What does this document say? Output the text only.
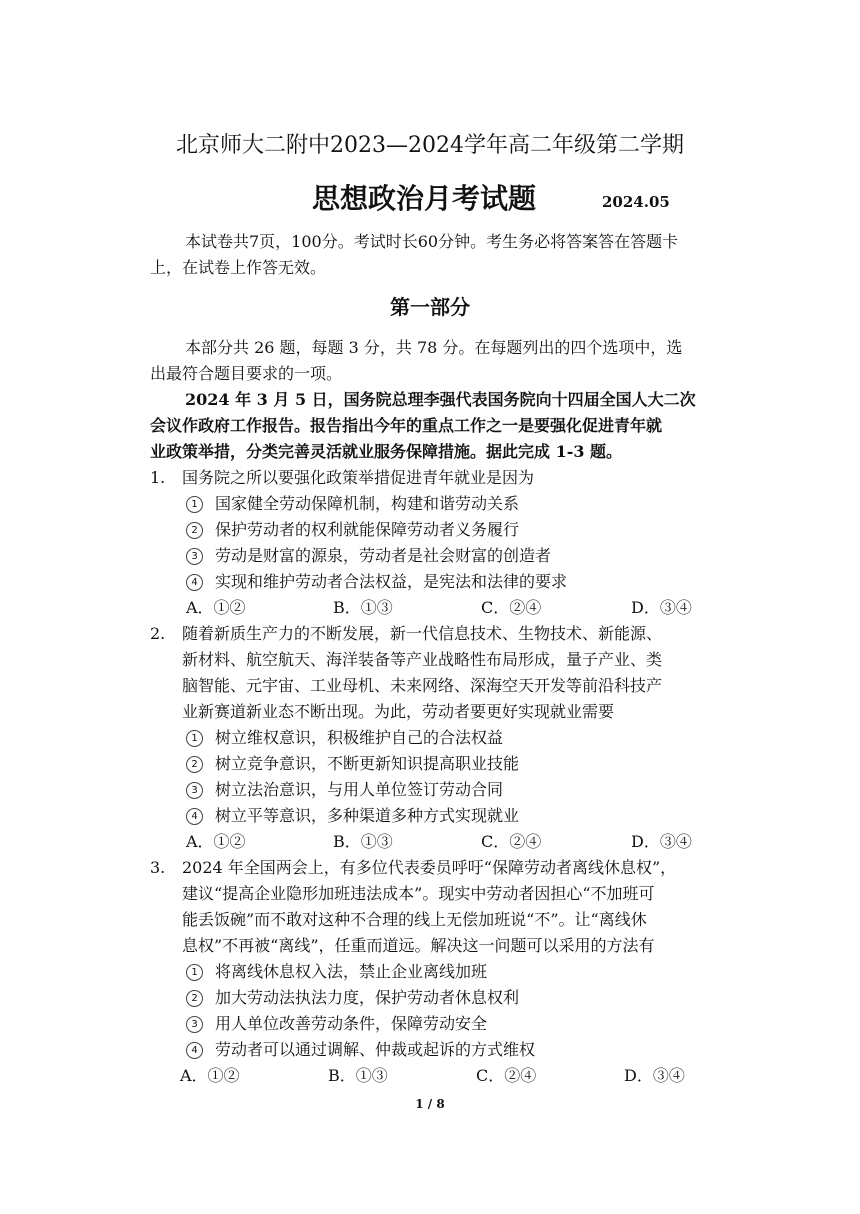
北京师大二附中2023—2024学年高二年级第二学期
思想政治月考试题	2024.05
本试卷共7页，100分。考试时长60分钟。考生务必将答案答在答题卡
上，在试卷上作答无效。
第一部分
本部分共 26 题，每题 3 分，共 78 分。在每题列出的四个选项中，选
出最符合题目要求的一项。
2024 年 3 月 5 日，国务院总理李强代表国务院向十四届全国人大二次
会议作政府工作报告。报告指出今年的重点工作之一是要强化促进青年就
业政策举措，分类完善灵活就业服务保障措施。据此完成 1-3 题。
1. 国务院之所以要强化政策举措促进青年就业是因为
1 国家健全劳动保障机制，构建和谐劳动关系
2 保护劳动者的权利就能保障劳动者义务履行
3 劳动是财富的源泉，劳动者是社会财富的创造者
4 实现和维护劳动者合法权益，是宪法和法律的要求
A．①②	B．①③	C．②④	D．③④
2. 随着新质生产力的不断发展，新一代信息技术、生物技术、新能源、
新材料、航空航天、海洋装备等产业战略性布局形成，量子产业、类
脑智能、元宇宙、工业母机、未来网络、深海空天开发等前沿科技产
业新赛道新业态不断出现。为此，劳动者要更好实现就业需要
1 树立维权意识，积极维护自己的合法权益
2 树立竞争意识，不断更新知识提高职业技能
3 树立法治意识，与用人单位签订劳动合同
4 树立平等意识，多种渠道多种方式实现就业
A．①②	B．①③	C．②④	D．③④
3. 2024 年全国两会上，有多位代表委员呼吁“保障劳动者离线休息权”，
建议“提高企业隐形加班违法成本”。现实中劳动者因担心“不加班可
能丢饭碗”而不敢对这种不合理的线上无偿加班说“不”。让“离线休
息权”不再被“离线”，任重而道远。解决这一问题可以采用的方法有
1 将离线休息权入法，禁止企业离线加班
2 加大劳动法执法力度，保护劳动者休息权利
3 用人单位改善劳动条件，保障劳动安全
4 劳动者可以通过调解、仲裁或起诉的方式维权
A．①②	B．①③	C．②④	D．③④
1 / 8
